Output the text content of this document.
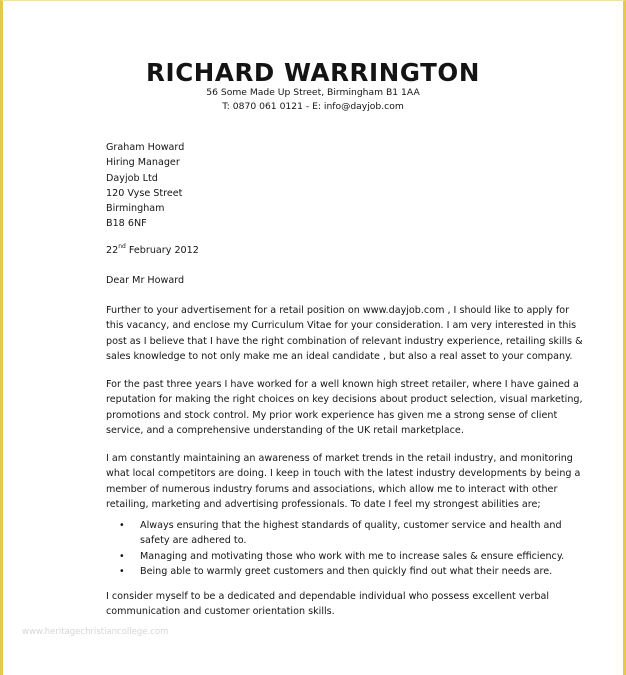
RICHARD WARRINGTON
56 Some Made Up Street, Birmingham B1 1AA
T: 0870 061 0121 - E: info@dayjob.com
Graham Howard
Hiring Manager
Dayjob Ltd
120 Vyse Street
Birmingham
B18 6NF
22nd February 2012
Dear Mr Howard
Further to your advertisement for a retail position on www.dayjob.com , I should like to apply for
this vacancy, and enclose my Curriculum Vitae for your consideration. I am very interested in this
post as I believe that I have the right combination of relevant industry experience, retailing skills &
sales knowledge to not only make me an ideal candidate , but also a real asset to your company.
For the past three years I have worked for a well known high street retailer, where I have gained a
reputation for making the right choices on key decisions about product selection, visual marketing,
promotions and stock control. My prior work experience has given me a strong sense of client
service, and a comprehensive understanding of the UK retail marketplace.
I am constantly maintaining an awareness of market trends in the retail industry, and monitoring
what local competitors are doing. I keep in touch with the latest industry developments by being a
member of numerous industry forums and associations, which allow me to interact with other
retailing, marketing and advertising professionals. To date I feel my strongest abilities are;
• Always ensuring that the highest standards of quality, customer service and health and
safety are adhered to.
• Managing and motivating those who work with me to increase sales & ensure efficiency.
• Being able to warmly greet customers and then quickly find out what their needs are.
I consider myself to be a dedicated and dependable individual who possess excellent verbal
communication and customer orientation skills.
www.heritagechristiancollege.com
